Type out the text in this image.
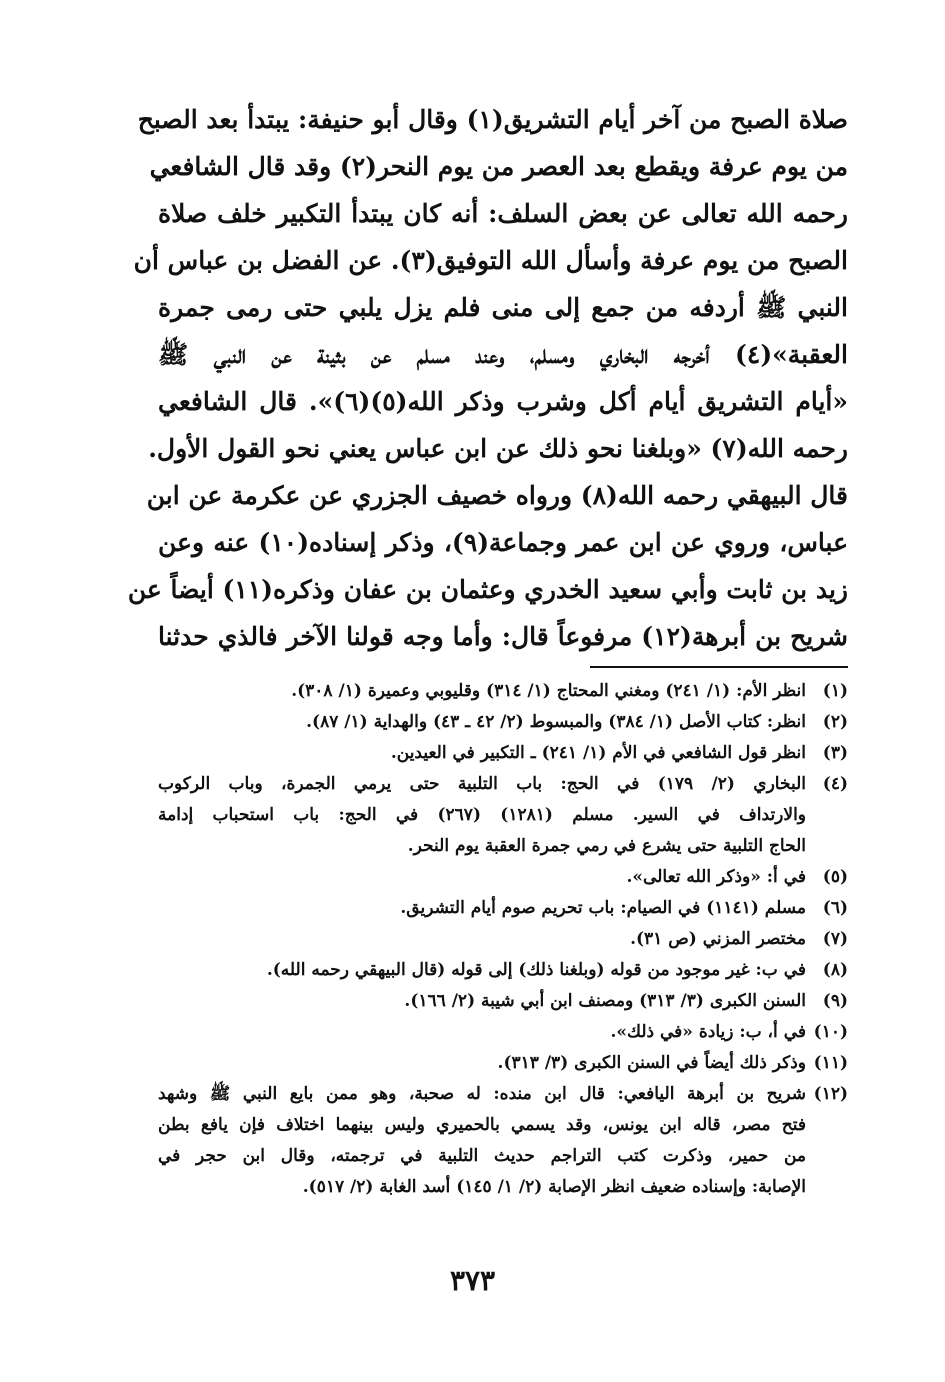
صلاة الصبح من آخر أيام التشريق(١) وقال أبو حنيفة: يبتدأ بعد الصبح
من يوم عرفة ويقطع بعد العصر من يوم النحر(٢) وقد قال الشافعي
رحمه الله تعالى عن بعض السلف: أنه كان يبتدأ التكبير خلف صلاة
الصبح من يوم عرفة وأسأل الله التوفيق(٣). عن الفضل بن عباس أن
النبي ﷺ أردفه من جمع إلى منى فلم يزل يلبي حتى رمى جمرة
العقبة»(٤) أخرجه البخاري ومسلم، وعند مسلم عن بثينة عن النبي ﷺ
«أيام التشريق أيام أكل وشرب وذكر الله(٥)(٦)». قال الشافعي
رحمه الله(٧) «وبلغنا نحو ذلك عن ابن عباس يعني نحو القول الأول.
قال البيهقي رحمه الله(٨) ورواه خصيف الجزري عن عكرمة عن ابن
عباس، وروي عن ابن عمر وجماعة(٩)، وذكر إسناده(١٠) عنه وعن
زيد بن ثابت وأبي سعيد الخدري وعثمان بن عفان وذكره(١١) أيضاً عن
شريح بن أبرهة(١٢) مرفوعاً قال: وأما وجه قولنا الآخر فالذي حدثنا
(١)
انظر الأم: (١/ ٢٤١) ومغني المحتاج (١/ ٣١٤) وقليوبي وعميرة (١/ ٣٠٨).
(٢)
انظر: كتاب الأصل (١/ ٣٨٤) والمبسوط (٢/ ٤٢ ـ ٤٣) والهداية (١/ ٨٧).
(٣)
انظر قول الشافعي في الأم (١/ ٢٤١) ـ التكبير في العيدين.
(٤)
البخاري (٢/ ١٧٩) في الحج: باب التلبية حتى يرمي الجمرة، وباب الركوب
والارتداف في السير. مسلم (١٢٨١) (٢٦٧) في الحج: باب استحباب إدامة
الحاج التلبية حتى يشرع في رمي جمرة العقبة يوم النحر.
(٥)
في أ: «وذكر الله تعالى».
(٦)
مسلم (١١٤١) في الصيام: باب تحريم صوم أيام التشريق.
(٧)
مختصر المزني (ص ٣١).
(٨)
في ب: غير موجود من قوله (وبلغنا ذلك) إلى قوله (قال البيهقي رحمه الله).
(٩)
السنن الكبرى (٣/ ٣١٣) ومصنف ابن أبي شيبة (٢/ ١٦٦).
(١٠)
في أ، ب: زيادة «في ذلك».
(١١)
وذكر ذلك أيضاً في السنن الكبرى (٣/ ٣١٣).
(١٢)
شريح بن أبرهة اليافعي: قال ابن منده: له صحبة، وهو ممن بايع النبي ﷺ وشهد
فتح مصر، قاله ابن يونس، وقد يسمي بالحميري وليس بينهما اختلاف فإن يافع بطن
من حمير، وذكرت كتب التراجم حديث التلبية في ترجمته، وقال ابن حجر في
الإصابة: وإسناده ضعيف انظر الإصابة (٢/ ١/ ١٤٥) أسد الغابة (٢/ ٥١٧).
٣٧٣
